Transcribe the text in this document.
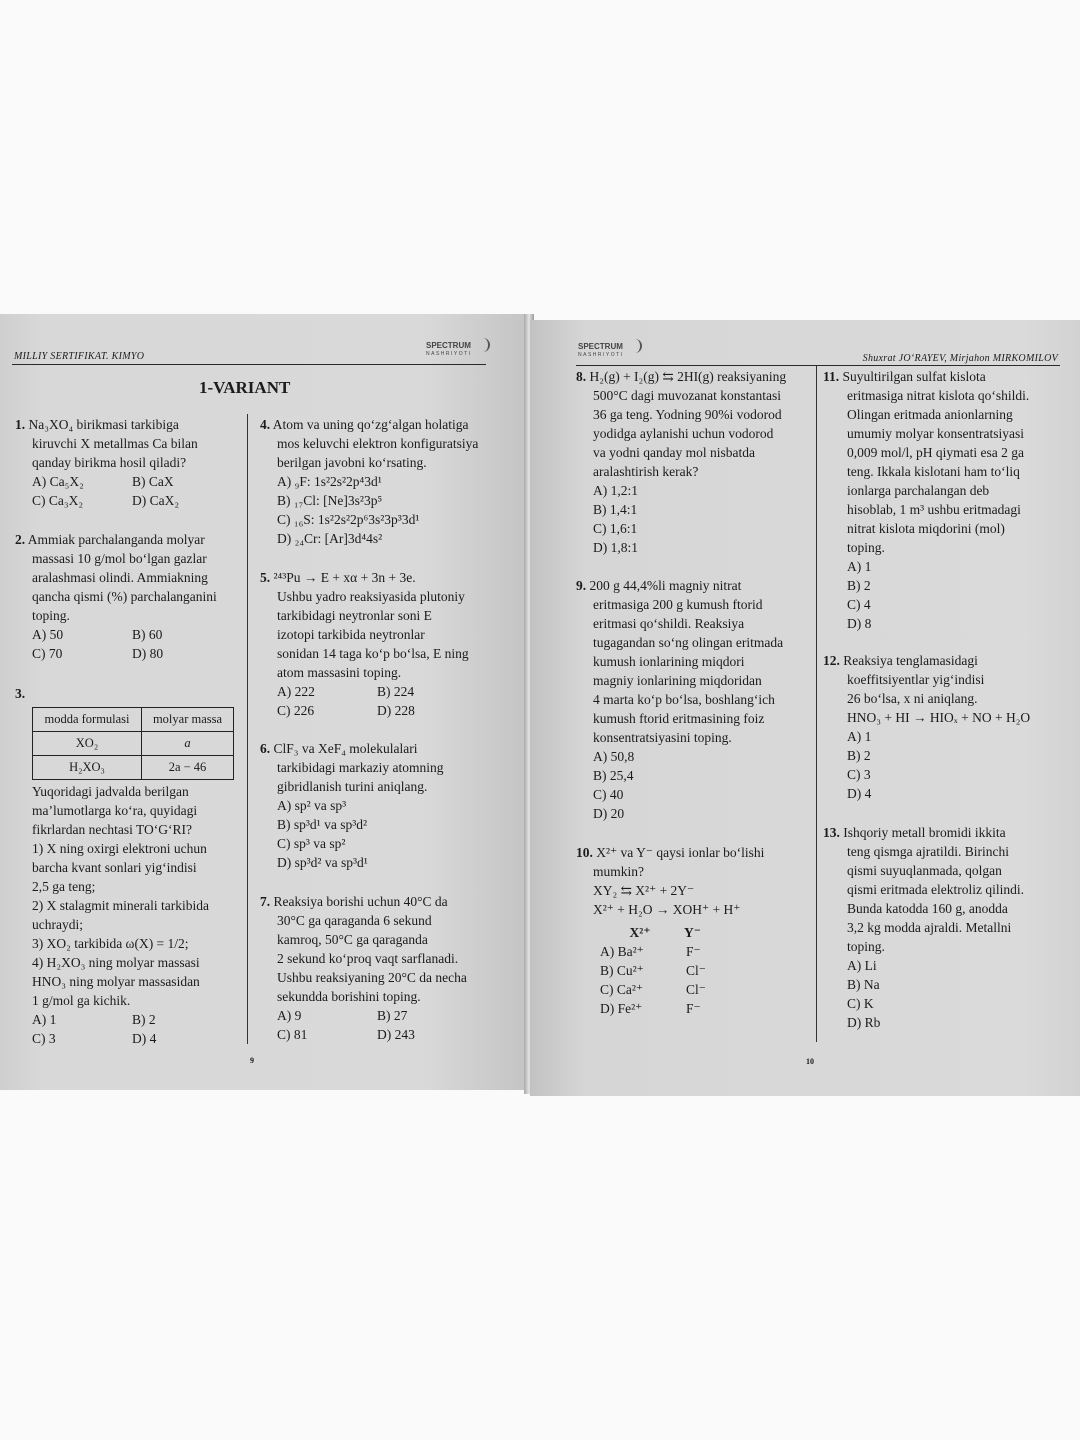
MILLIY SERTIFIKAT. KIMYO
SPECTRUM
NASHRIYOTI
1-VARIANT
1. Na₃XO₄ birikmasi tarkibiga
kiruvchi X metallmas Ca bilan
qanday birikma hosil qiladi?
A) Ca₅X₂	B) CaX
C) Ca₃X₂	D) CaX₂
2. Ammiak parchalanganda molyar
massasi 10 g/mol bo‘lgan gazlar
aralashmasi olindi. Ammiakning
qancha qismi (%) parchalanganini
toping.
A) 50	B) 60
C) 70	D) 80
3.
modda formulasi	molyar massa
XO₂	a
H₂XO₃	2a − 46
Yuqoridagi jadvalda berilgan
ma’lumotlarga ko‘ra, quyidagi
fikrlardan nechtasi TO‘G‘RI?
1) X ning oxirgi elektroni uchun
barcha kvant sonlari yig‘indisi
2,5 ga teng;
2) X stalagmit minerali tarkibida
uchraydi;
3) XO₂ tarkibida ω(X) = 1/2;
4) H₂XO₃ ning molyar massasi
HNO₃ ning molyar massasidan
1 g/mol ga kichik.
A) 1	B) 2
C) 3	D) 4
4. Atom va uning qo‘zg‘algan holatiga
mos keluvchi elektron konfiguratsiya
berilgan javobni ko‘rsating.
A) ₉F: 1s²2s²2p⁴3d¹
B) ₁₇Cl: [Ne]3s²3p⁵
C) ₁₆S: 1s²2s²2p⁶3s²3p³3d¹
D) ₂₄Cr: [Ar]3d⁴4s²
5. ²⁴³Pu → E + xα + 3n + 3e.
Ushbu yadro reaksiyasida plutoniy
tarkibidagi neytronlar soni E
izotopi tarkibida neytronlar
sonidan 14 taga ko‘p bo‘lsa, E ning
atom massasini toping.
A) 222	B) 224
C) 226	D) 228
6. ClF₃ va XeF₄ molekulalari
tarkibidagi markaziy atomning
gibridlanish turini aniqlang.
A) sp² va sp³
B) sp³d¹ va sp³d²
C) sp³ va sp²
D) sp³d² va sp³d¹
7. Reaksiya borishi uchun 40°C da
30°C ga qaraganda 6 sekund
kamroq, 50°C ga qaraganda
2 sekund ko‘proq vaqt sarflanadi.
Ushbu reaksiyaning 20°C da necha
sekundda borishini toping.
A) 9	B) 27
C) 81	D) 243
9
SPECTRUM
NASHRIYOTI	Shuxrat JO‘RAYEV, Mirjahon MIRKOMILOV
8. H₂(g) + I₂(g) ⇆ 2HI(g) reaksiyaning
500°C dagi muvozanat konstantasi
36 ga teng. Yodning 90%i vodorod
yodidga aylanishi uchun vodorod
va yodni qanday mol nisbatda
aralashtirish kerak?
A) 1,2:1
B) 1,4:1
C) 1,6:1
D) 1,8:1
9. 200 g 44,4%li magniy nitrat
eritmasiga 200 g kumush ftorid
eritmasi qo‘shildi. Reaksiya
tugagandan so‘ng olingan eritmada
kumush ionlarining miqdori
magniy ionlarining miqdoridan
4 marta ko‘p bo‘lsa, boshlang‘ich
kumush ftorid eritmasining foiz
konsentratsiyasini toping.
A) 50,8
B) 25,4
C) 40
D) 20
10. X²⁺ va Y⁻ qaysi ionlar bo‘lishi
mumkin?
XY₂ ⇆ X²⁺ + 2Y⁻
X²⁺ + H₂O → XOH⁺ + H⁺
X²⁺	Y⁻
A) Ba²⁺	F⁻
B) Cu²⁺	Cl⁻
C) Ca²⁺	Cl⁻
D) Fe²⁺	F⁻
11. Suyultirilgan sulfat kislota
eritmasiga nitrat kislota qo‘shildi.
Olingan eritmada anionlarning
umumiy molyar konsentratsiyasi
0,009 mol/l, pH qiymati esa 2 ga
teng. Ikkala kislotani ham to‘liq
ionlarga parchalangan deb
hisoblab, 1 m³ ushbu eritmadagi
nitrat kislota miqdorini (mol)
toping.
A) 1
B) 2
C) 4
D) 8
12. Reaksiya tenglamasidagi
koeffitsiyentlar yig‘indisi
26 bo‘lsa, x ni aniqlang.
HNO₃ + HI → HIOₓ + NO + H₂O
A) 1
B) 2
C) 3
D) 4
13. Ishqoriy metall bromidi ikkita
teng qismga ajratildi. Birinchi
qismi suyuqlanmada, qolgan
qismi eritmada elektroliz qilindi.
Bunda katodda 160 g, anodda
3,2 kg modda ajraldi. Metallni
toping.
A) Li
B) Na
C) K
D) Rb
10
